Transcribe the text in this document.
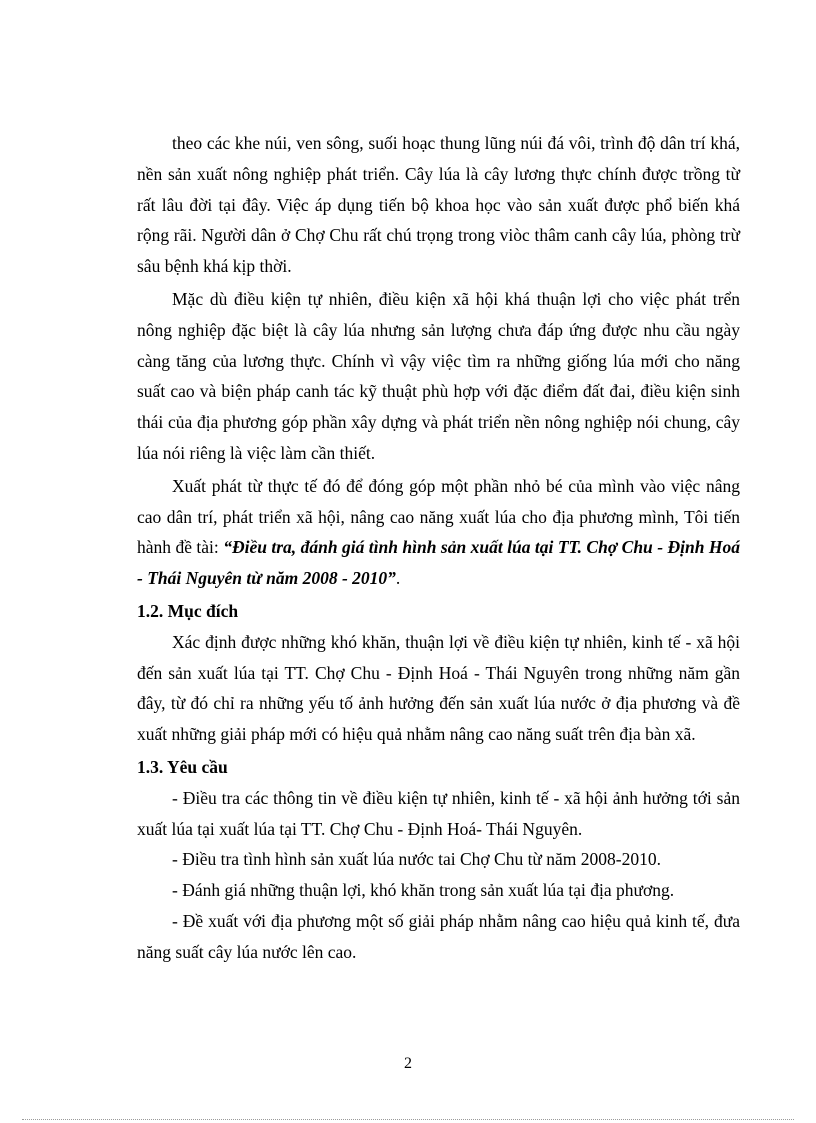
theo các khe núi, ven sông, suối hoạc thung lũng núi đá vôi, trình độ dân trí khá, nền sản xuất nông nghiệp phát triển. Cây lúa là cây lương thực chính được trồng từ rất lâu đời tại đây. Việc áp dụng tiến bộ khoa học vào sản xuất được phổ biến khá rộng rãi. Người dân ở Chợ Chu rất chú trọng trong viòc thâm canh cây lúa, phòng trừ sâu bệnh khá kịp thời.

Mặc dù điều kiện tự nhiên, điều kiện xã hội khá thuận lợi cho việc phát trển nông nghiệp đặc biệt là cây lúa nhưng sản lượng chưa đáp ứng được nhu cầu ngày càng tăng của lương thực. Chính vì vậy việc tìm ra những giống lúa mới cho năng suất cao và biện pháp canh tác kỹ thuật phù hợp với đặc điểm đất đai, điều kiện sinh thái của địa phương góp phần xây dựng và phát triển nền nông nghiệp nói chung, cây lúa nói riêng là việc làm cần thiết.

Xuất phát từ thực tế đó để đóng góp một phần nhỏ bé của mình vào việc nâng cao dân trí, phát triển xã hội, nâng cao năng xuất lúa cho địa phương mình, Tôi tiến hành đề tài: “Điều tra, đánh giá tình hình sản xuất lúa tại TT. Chợ Chu - Định Hoá - Thái Nguyên từ năm 2008 - 2010”.

1.2. Mục đích

Xác định được những khó khăn, thuận lợi về điều kiện tự nhiên, kinh tế - xã hội đến sản xuất lúa tại TT. Chợ Chu - Định Hoá - Thái Nguyên trong những năm gần đây, từ đó chỉ ra những yếu tố ảnh hưởng đến sản xuất lúa nước ở địa phương và đề xuất những giải pháp mới có hiệu quả nhằm nâng cao năng suất trên địa bàn xã.

1.3. Yêu cầu

- Điều tra các thông tin về điều kiện tự nhiên, kinh tế - xã hội ảnh hưởng tới sản xuất lúa tại xuất lúa tại TT. Chợ Chu - Định Hoá- Thái Nguyên.

- Điều tra tình hình sản xuất lúa nước tai Chợ Chu từ năm 2008-2010.

- Đánh giá những thuận lợi, khó khăn trong sản xuất lúa tại địa phương.

- Đề xuất với địa phương một số giải pháp nhằm nâng cao hiệu quả kinh tế, đưa năng suất cây lúa nước lên cao.

2
